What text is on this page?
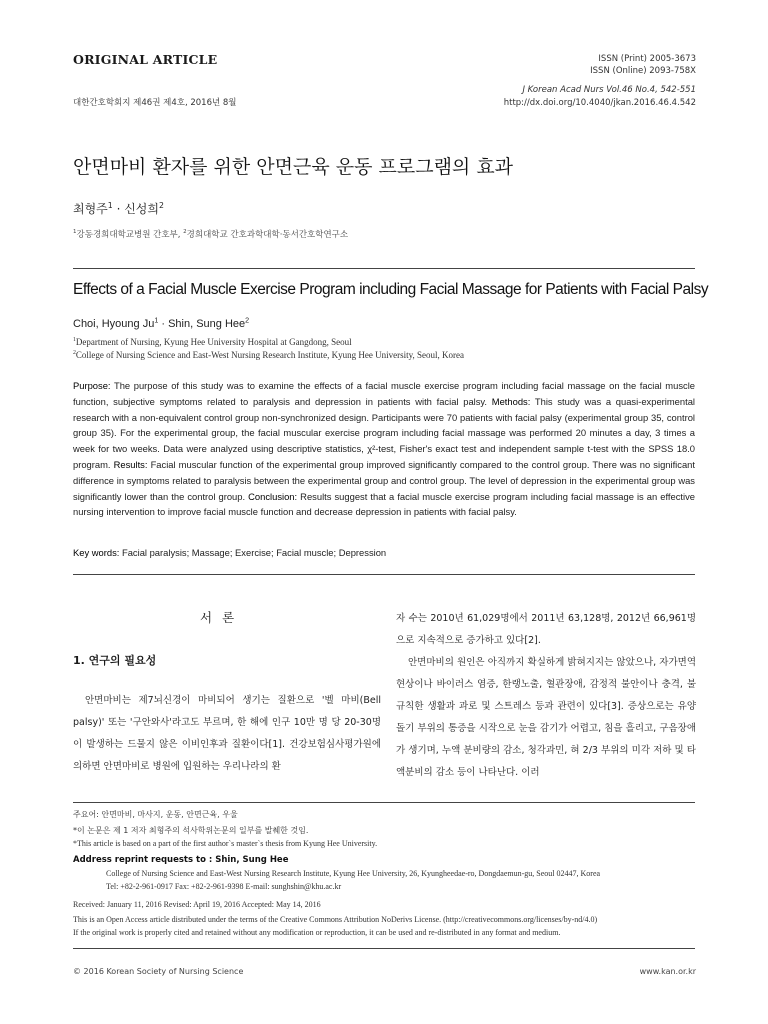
ORIGINAL ARTICLE	ISSN (Print) 2005-3673
ISSN (Online) 2093-758X
대한간호학회지 제46권 제4호, 2016년 8월
J Korean Acad Nurs Vol.46 No.4, 542-551
http://dx.doi.org/10.4040/jkan.2016.46.4.542
안면마비 환자를 위한 안면근육 운동 프로그램의 효과
최형주$^1$ · 신성희$^2$
$^1$강동경희대학교병원 간호부, $^2$경희대학교 간호과학대학·동서간호학연구소
Effects of a Facial Muscle Exercise Program including Facial Massage for Patients with Facial Palsy
Choi, Hyoung $Ju^1$ · Shin, Sung Hee$^2$
$^1$Department of Nursing, Kyung Hee University Hospital at Gangdong, Seoul
$^2$College of Nursing Science and East-West Nursing Research Institute, Kyung Hee University, Seoul, Korea
Purpose: The purpose of this study was to examine the effects of a facial muscle exercise program including facial massage on the facial muscle function, subjective symptoms related to paralysis and depression in patients with facial palsy. Methods: This study was a quasi-experimental research with a non-equivalent control group non-synchronized design. Participants were 70 patients with facial palsy (experimental group 35, control group 35). For the experimental group, the facial muscular exercise program including facial massage was performed 20 minutes a day, 3 times a week for two weeks. Data were analyzed using descriptive statistics, χ²-test, Fisher's exact test and independent sample t-test with the SPSS 18.0 program. Results: Facial muscular function of the experimental group improved significantly compared to the control group. There was no significant difference in symptoms related to paralysis between the experimental group and control group. The level of depression in the experimental group was significantly lower than the control group. Conclusion: Results suggest that a facial muscle exercise program including facial massage is an effective nursing intervention to improve facial muscle function and decrease depression in patients with facial palsy.
Key words: Facial paralysis; Massage; Exercise; Facial muscle; Depression
서론
1. 연구의 필요성
안면마비는 제7뇌신경이 마비되어 생기는 질환으로 '벨 마비(Bell palsy)' 또는 '구안와사'라고도 부르며, 한 해에 인구 10만 명 당 20-30명이 발생하는 드물지 않은 이비인후과 질환이다[1]. 건강보험심사평가원에 의하면 안면마비로 병원에 입원하는 우리나라의 환
자 수는 2010년 61,029명에서 2011년 63,128명, 2012년 66,961명으로 지속적으로 증가하고 있다[2].
안면마비의 원인은 아직까지 확실하게 밝혀지지는 않았으나, 자가면역 현상이나 바이러스 염증, 한랭노출, 혈관장애, 감정적 불안이나 충격, 불규칙한 생활과 과로 및 스트레스 등과 관련이 있다[3]. 증상으로는 유양돌기 부위의 통증을 시작으로 눈을 감기가 어렵고, 침을 흘리고, 구음장애가 생기며, 누액 분비량의 감소, 청각과민, 혀 2/3 부위의 미각 저하 및 타액분비의 감소 등이 나타난다. 이러
주요어: 안면마비, 마사지, 운동, 안면근육, 우울
*이 논문은 제 1 저자 최형주의 석사학위논문의 일부를 발췌한 것임.
*This article is based on a part of the first author`s master`s thesis from Kyung Hee University.
Address reprint requests to : Shin, Sung Hee
College of Nursing Science and East-West Nursing Research Institute, Kyung Hee University, 26, Kyungheedae-ro, Dongdaemun-gu, Seoul 02447, Korea
Tel: +82-2-961-0917 Fax: +82-2-961-9398 E-mail: sunghshin@khu.ac.kr
Received: January 11, 2016 Revised: April 19, 2016 Accepted: May 14, 2016
This is an Open Access article distributed under the terms of the Creative Commons Attribution NoDerivs License. (http://creativecommons.org/licenses/by-nd/4.0)
If the original work is properly cited and retained without any modification or reproduction, it can be used and re-distributed in any format and medium.
© 2016 Korean Society of Nursing Science	www.kan.or.kr
